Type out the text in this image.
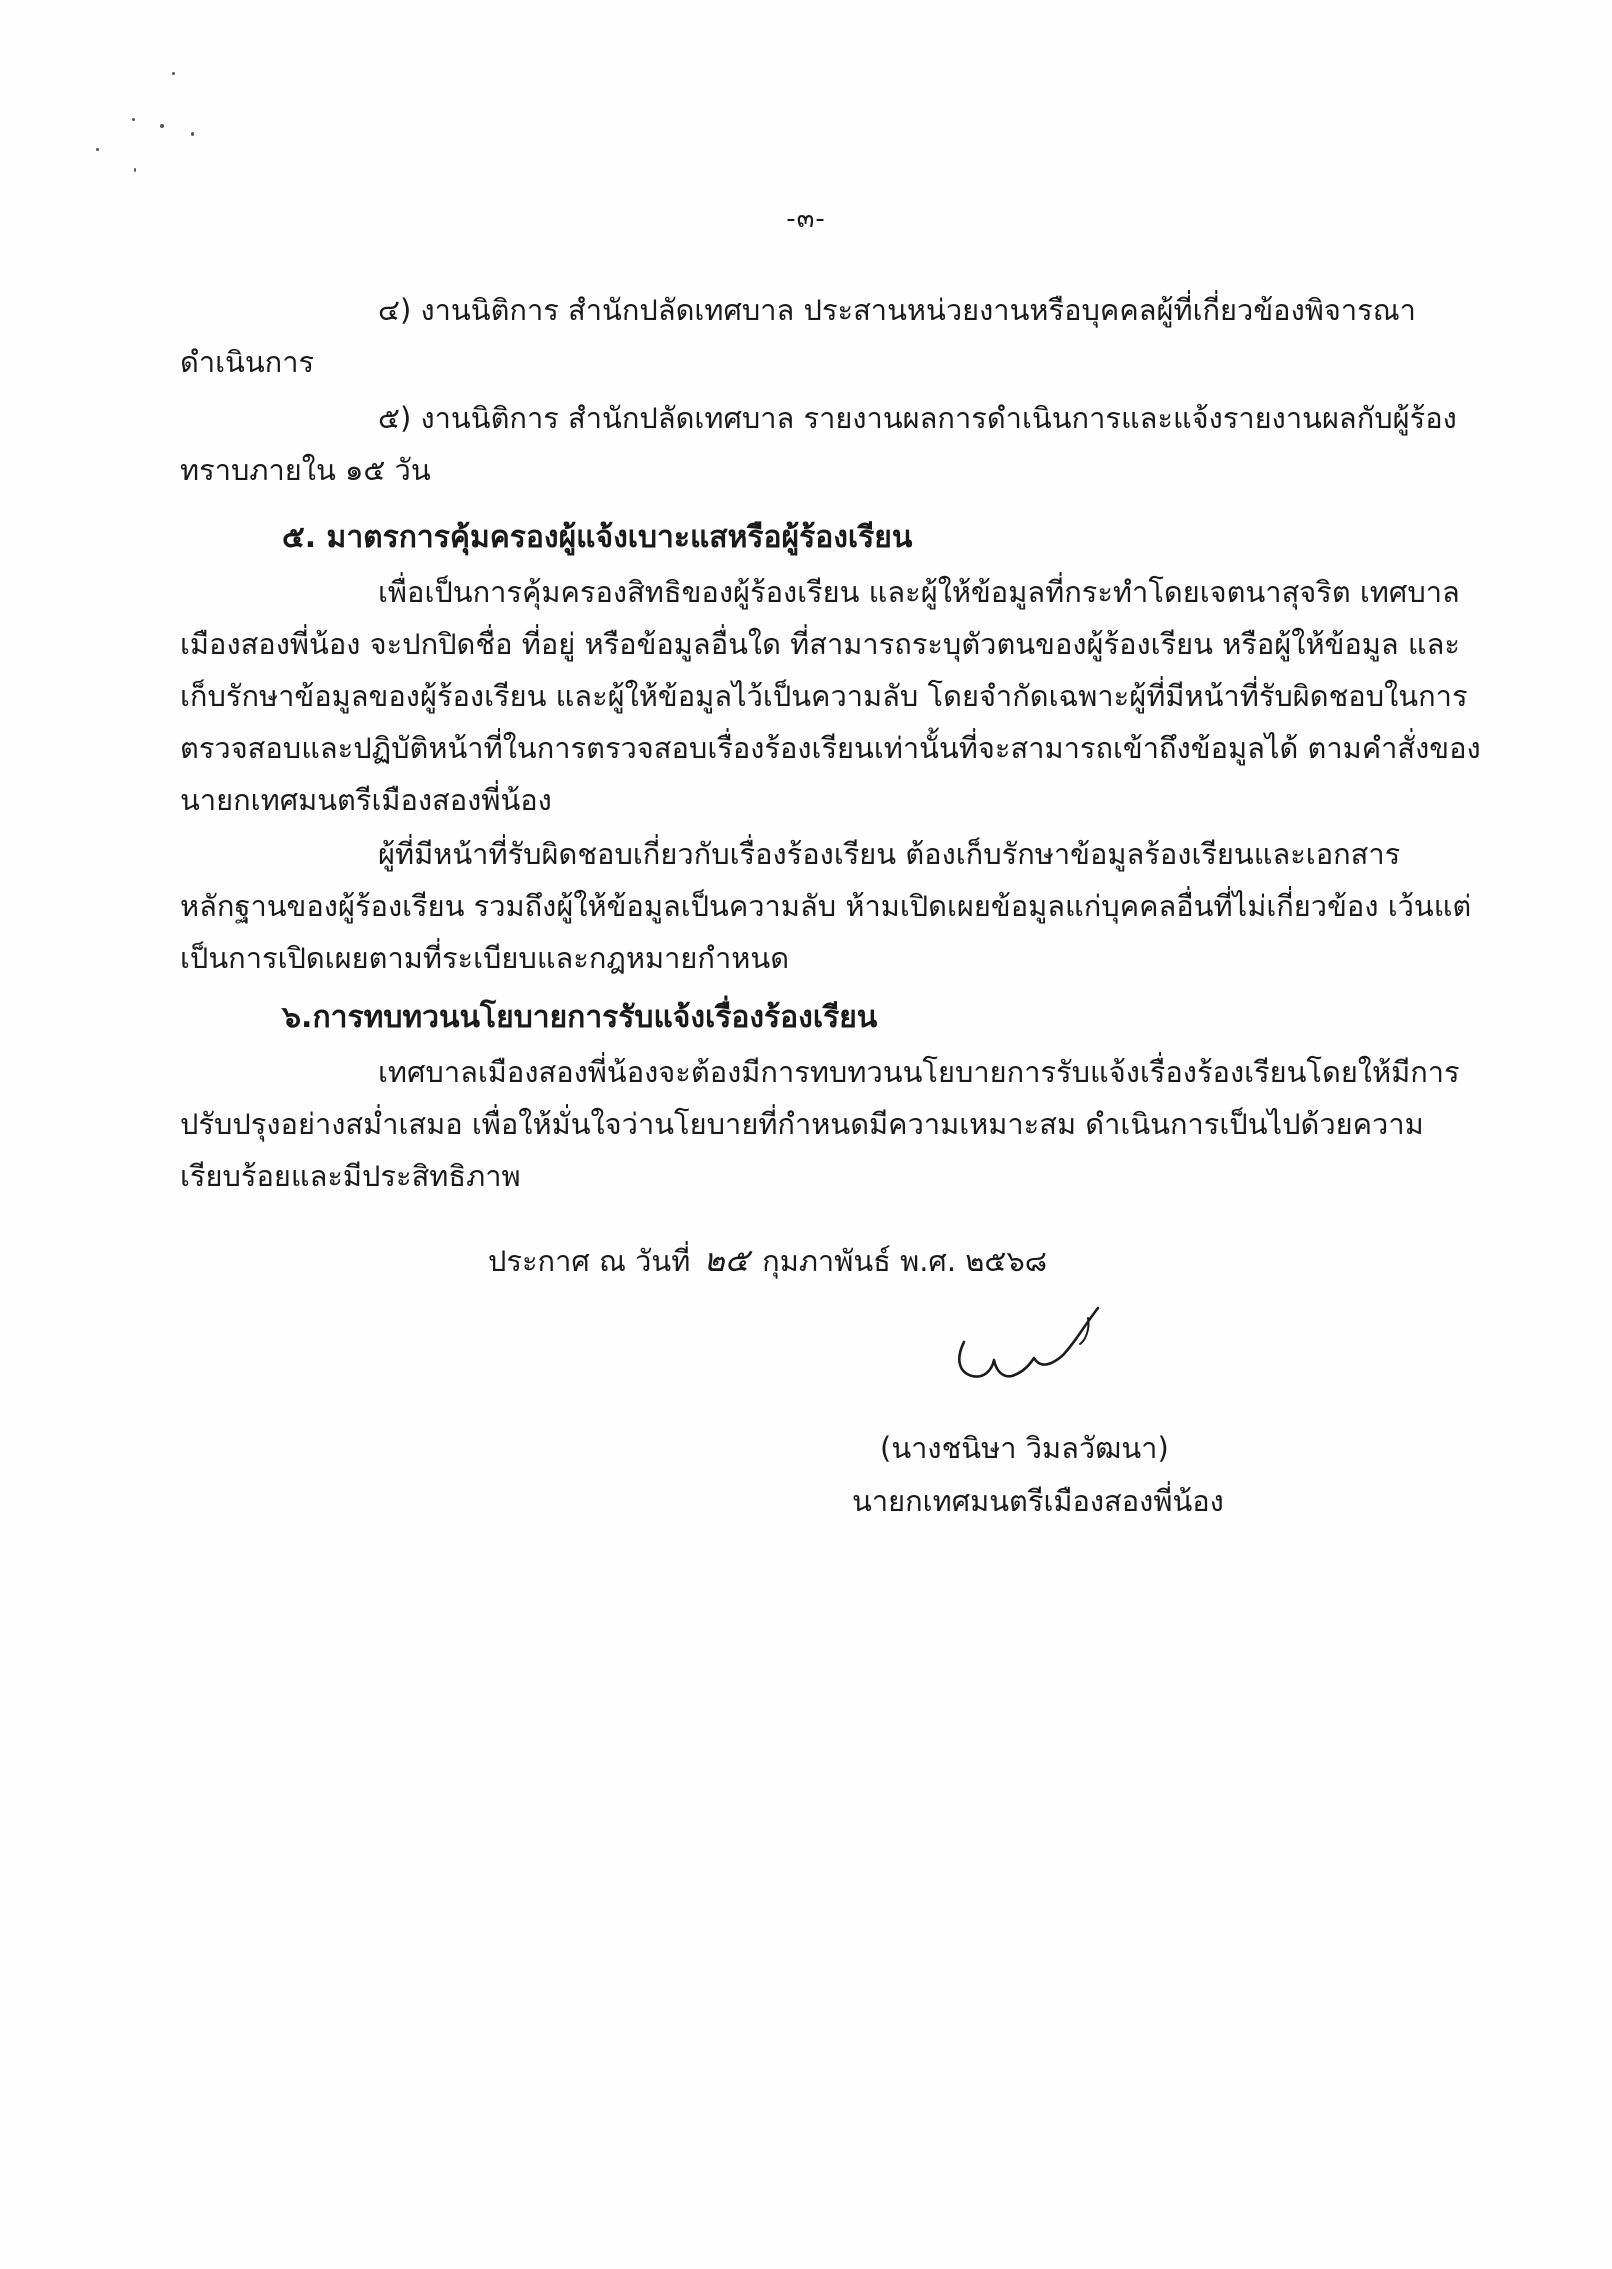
-๓-
๔) งานนิติการ สำนักปลัดเทศบาล ประสานหน่วยงานหรือบุคคลผู้ที่เกี่ยวข้องพิจารณา
ดำเนินการ
๕) งานนิติการ สำนักปลัดเทศบาล รายงานผลการดำเนินการและแจ้งรายงานผลกับผู้ร้อง
ทราบภายใน ๑๕ วัน
๕. มาตรการคุ้มครองผู้แจ้งเบาะแสหรือผู้ร้องเรียน
เพื่อเป็นการคุ้มครองสิทธิของผู้ร้องเรียน และผู้ให้ข้อมูลที่กระทำโดยเจตนาสุจริต เทศบาล
เมืองสองพี่น้อง จะปกปิดชื่อ ที่อยู่ หรือข้อมูลอื่นใด ที่สามารถระบุตัวตนของผู้ร้องเรียน หรือผู้ให้ข้อมูล และ
เก็บรักษาข้อมูลของผู้ร้องเรียน และผู้ให้ข้อมูลไว้เป็นความลับ โดยจำกัดเฉพาะผู้ที่มีหน้าที่รับผิดชอบในการ
ตรวจสอบและปฏิบัติหน้าที่ในการตรวจสอบเรื่องร้องเรียนเท่านั้นที่จะสามารถเข้าถึงข้อมูลได้ ตามคำสั่งของ
นายกเทศมนตรีเมืองสองพี่น้อง
ผู้ที่มีหน้าที่รับผิดชอบเกี่ยวกับเรื่องร้องเรียน ต้องเก็บรักษาข้อมูลร้องเรียนและเอกสาร
หลักฐานของผู้ร้องเรียน รวมถึงผู้ให้ข้อมูลเป็นความลับ ห้ามเปิดเผยข้อมูลแก่บุคคลอื่นที่ไม่เกี่ยวข้อง เว้นแต่
เป็นการเปิดเผยตามที่ระเบียบและกฎหมายกำหนด
๖.การทบทวนนโยบายการรับแจ้งเรื่องร้องเรียน
เทศบาลเมืองสองพี่น้องจะต้องมีการทบทวนนโยบายการรับแจ้งเรื่องร้องเรียนโดยให้มีการ
ปรับปรุงอย่างสม่ำเสมอ เพื่อให้มั่นใจว่านโยบายที่กำหนดมีความเหมาะสม ดำเนินการเป็นไปด้วยความ
เรียบร้อยและมีประสิทธิภาพ
ประกาศ ณ วันที่ ๒๕ กุมภาพันธ์ พ.ศ. ๒๕๖๘
(นางชนิษา วิมลวัฒนา)
นายกเทศมนตรีเมืองสองพี่น้อง
